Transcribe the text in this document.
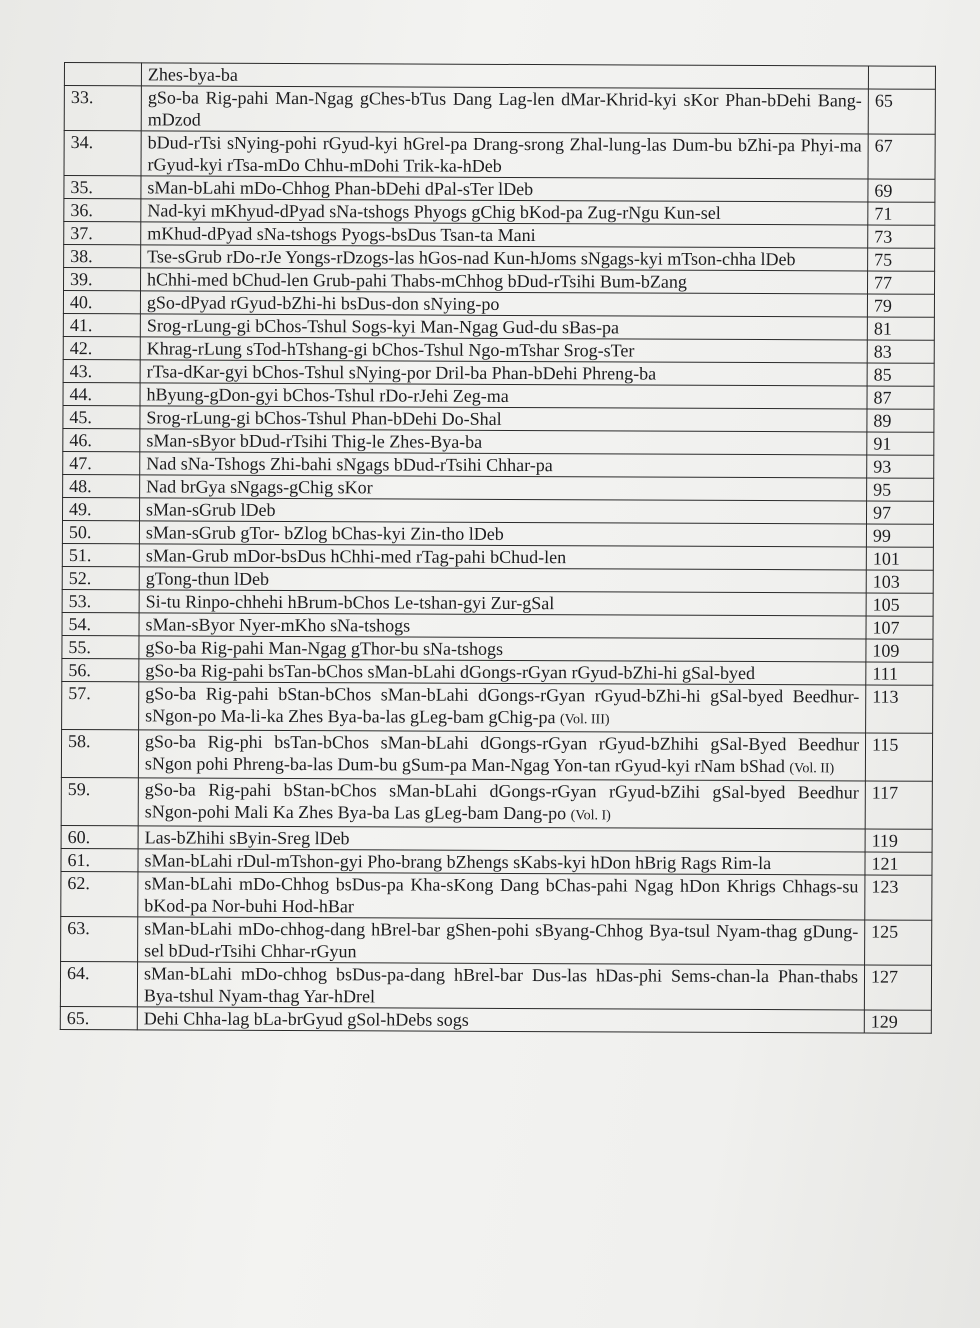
	Zhes-bya-ba	
33.	gSo-ba Rig-pahi Man-Ngag gChes-bTus Dang Lag-len dMar-Khrid-kyi sKor Phan-bDehi Bang-mDzod	65
34.	bDud-rTsi sNying-pohi rGyud-kyi hGrel-pa Drang-srong Zhal-lung-las Dum-bu bZhi-pa Phyi-ma rGyud-kyi rTsa-mDo Chhu-mDohi Trik-ka-hDeb	67
35.	sMan-bLahi mDo-Chhog Phan-bDehi dPal-sTer lDeb	69
36.	Nad-kyi mKhyud-dPyad sNa-tshogs Phyogs gChig bKod-pa Zug-rNgu Kun-sel	71
37.	mKhud-dPyad sNa-tshogs Pyogs-bsDus Tsan-ta Mani	73
38.	Tse-sGrub rDo-rJe Yongs-rDzogs-las hGos-nad Kun-hJoms sNgags-kyi mTson-chha lDeb	75
39.	hChhi-med bChud-len Grub-pahi Thabs-mChhog bDud-rTsihi Bum-bZang	77
40.	gSo-dPyad rGyud-bZhi-hi bsDus-don sNying-po	79
41.	Srog-rLung-gi bChos-Tshul Sogs-kyi Man-Ngag Gud-du sBas-pa	81
42.	Khrag-rLung sTod-hTshang-gi bChos-Tshul Ngo-mTshar Srog-sTer	83
43.	rTsa-dKar-gyi bChos-Tshul sNying-por Dril-ba Phan-bDehi Phreng-ba	85
44.	hByung-gDon-gyi bChos-Tshul rDo-rJehi Zeg-ma	87
45.	Srog-rLung-gi bChos-Tshul Phan-bDehi Do-Shal	89
46.	sMan-sByor bDud-rTsihi Thig-le Zhes-Bya-ba	91
47.	Nad sNa-Tshogs Zhi-bahi sNgags bDud-rTsihi Chhar-pa	93
48.	Nad brGya sNgags-gChig sKor	95
49.	sMan-sGrub lDeb	97
50.	sMan-sGrub gTor- bZlog bChas-kyi Zin-tho lDeb	99
51.	sMan-Grub mDor-bsDus hChhi-med rTag-pahi bChud-len	101
52.	gTong-thun lDeb	103
53.	Si-tu Rinpo-chhehi hBrum-bChos Le-tshan-gyi Zur-gSal	105
54.	sMan-sByor Nyer-mKho sNa-tshogs	107
55.	gSo-ba Rig-pahi Man-Ngag gThor-bu sNa-tshogs	109
56.	gSo-ba Rig-pahi bsTan-bChos sMan-bLahi dGongs-rGyan rGyud-bZhi-hi gSal-byed	111
57.	gSo-ba Rig-pahi bStan-bChos sMan-bLahi dGongs-rGyan rGyud-bZhi-hi gSal-byed Beedhur-sNgon-po Ma-li-ka Zhes Bya-ba-las gLeg-bam gChig-pa (Vol. III)	113
58.	gSo-ba Rig-phi bsTan-bChos sMan-bLahi dGongs-rGyan rGyud-bZhihi gSal-Byed Beedhur sNgon pohi Phreng-ba-las Dum-bu gSum-pa Man-Ngag Yon-tan rGyud-kyi rNam bShad (Vol. II)	115
59.	gSo-ba Rig-pahi bStan-bChos sMan-bLahi dGongs-rGyan rGyud-bZihi gSal-byed Beedhur sNgon-pohi Mali Ka Zhes Bya-ba Las gLeg-bam Dang-po (Vol. I)	117
60.	Las-bZhihi sByin-Sreg lDeb	119
61.	sMan-bLahi rDul-mTshon-gyi Pho-brang bZhengs sKabs-kyi hDon hBrig Rags Rim-la	121
62.	sMan-bLahi mDo-Chhog bsDus-pa Kha-sKong Dang bChas-pahi Ngag hDon Khrigs Chhags-su bKod-pa Nor-buhi Hod-hBar	123
63.	sMan-bLahi mDo-chhog-dang hBrel-bar gShen-pohi sByang-Chhog Bya-tsul Nyam-thag gDung-sel bDud-rTsihi Chhar-rGyun	125
64.	sMan-bLahi mDo-chhog bsDus-pa-dang hBrel-bar Dus-las hDas-phi Sems-chan-la Phan-thabs Bya-tshul Nyam-thag Yar-hDrel	127
65.	Dehi Chha-lag bLa-brGyud gSol-hDebs sogs	129
